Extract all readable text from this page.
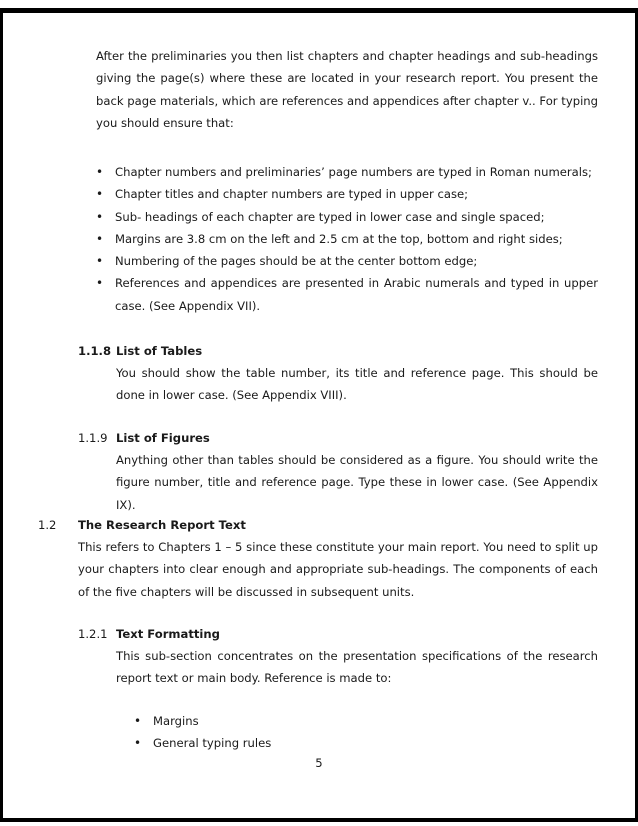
After the preliminaries you then list chapters and chapter headings and sub-headings giving the page(s) where these are located in your research report. You present the back page materials, which are references and appendices after chapter v.. For typing you should ensure that:

• Chapter numbers and preliminaries’ page numbers are typed in Roman numerals;
• Chapter titles and chapter numbers are typed in upper case;
• Sub- headings of each chapter are typed in lower case and single spaced;
• Margins are 3.8 cm on the left and 2.5 cm at the top, bottom and right sides;
• Numbering of the pages should be at the center bottom edge;
• References and appendices are presented in Arabic numerals and typed in upper case. (See Appendix VII).
1.1.8 List of Tables

You should show the table number, its title and reference page. This should be done in lower case. (See Appendix VIII).

1.1.9 List of Figures

Anything other than tables should be considered as a figure. You should write the figure number, title and reference page. Type these in lower case. (See Appendix IX).

1.2 The Research Report Text

This refers to Chapters 1 – 5 since these constitute your main report. You need to split up your chapters into clear enough and appropriate sub-headings. The components of each of the five chapters will be discussed in subsequent units.

1.2.1 Text Formatting

This sub-section concentrates on the presentation specifications of the research report text or main body. Reference is made to:

• Margins
• General typing rules
5
